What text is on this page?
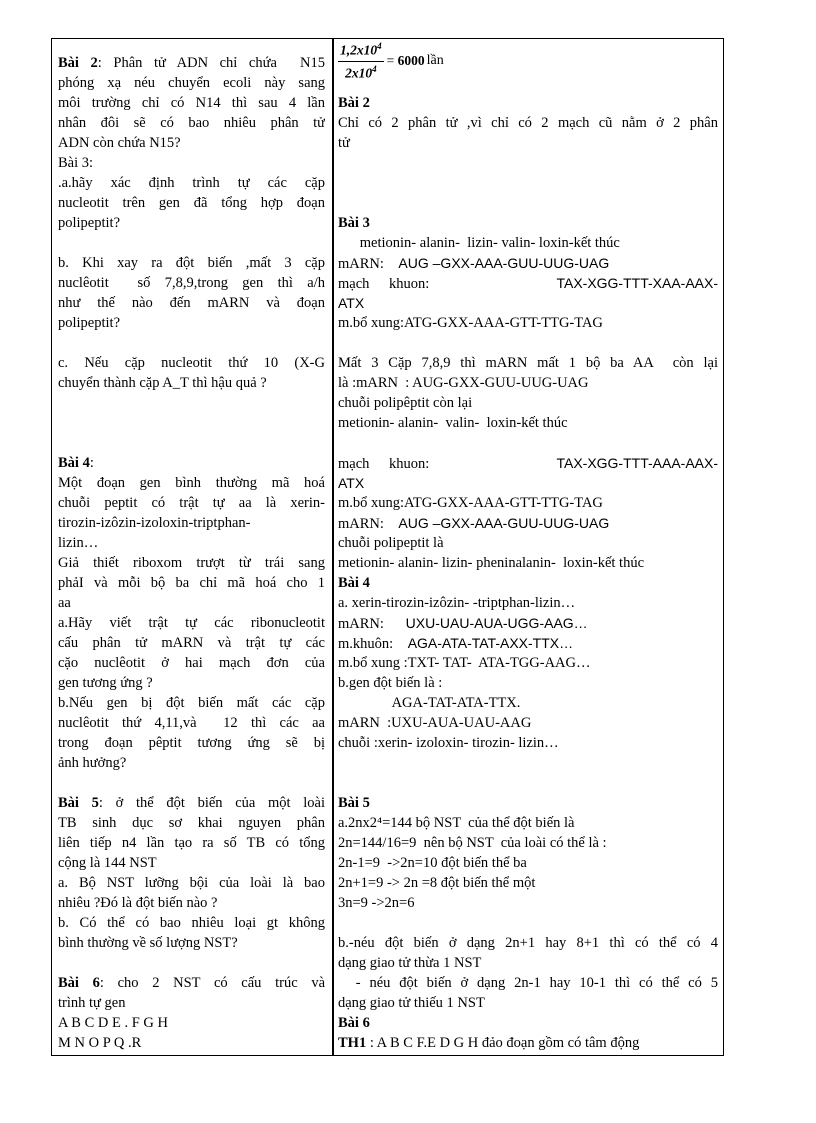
Bài 2: Phân tử ADN chỉ chứa  N15
phóng xạ néu chuyển ecoli này sang
môi trường chỉ có N14 thì sau 4 lần
nhân đôi sẽ có bao nhiêu phân tử
ADN còn chứa N15?
Bài 3:
.a.hãy xác định trình tự các cặp
nucleotit trên gen đã tổng hợp đoạn
polipeptit?
b. Khi xay ra đột biến ,mất 3 cặp
nuclêotit  số 7,8,9,trong gen thì a/h
như thế nào đến mARN và đoạn
polipeptit?
c. Nếu cặp nucleotit thứ 10 (X-G
chuyển thành cặp A_T thì hậu quả ?
Bài 4:
Một đoạn gen bình thường mã hoá
chuỗi peptit có trật tự aa là xerin-
tirozin-izôzin-izoloxin-triptphan-
lizin…
Giả thiết riboxom trượt từ trái sang
phảI và mỗi bộ ba chỉ mã hoá cho 1
aa
a.Hãy viết trật tự các ribonucleotit
cấu phân tử mARN và trật tự các
cặo nuclêotit ở hai mạch đơn của
gen tương ứng ?
b.Nếu gen bị đột biến mất các cặp
nuclêotit thứ 4,11,và  12 thì các aa
trong đoạn pêptit tương ứng sẽ bị
ảnh hưởng?
Bài 5: ở thể đột biến của một loài
TB sinh dục sơ khai nguyen phân
liên tiếp n4 lần tạo ra số TB có tổng
cộng là 144 NST
a. Bộ NST lưỡng bội của loài là bao
nhiêu ?Đó là đột biến nào ?
b. Có thể có bao nhiêu loại gt không
bình thường về số lượng NST?
Bài 6: cho 2 NST có cấu trúc và
trình tự gen
A B C D E . F G H
M N O P Q .R
$\frac{1,2x10^4}{2x10^4} = 6000$ lần
Bài 2
Chỉ có 2 phân tử ,vì chỉ có 2 mạch cũ nằm ở 2 phân
tử
Bài 3
metionin- alanin-  lizin- valin- loxin-kết thúc
mARN:    AUG –GXX-AAA-GUU-UUG-UAG
mạch  khuon:             TAX-XGG-TTT-XAA-AAX-
ATX
m.bổ xung:ATG-GXX-AAA-GTT-TTG-TAG
Mất 3 Cặp 7,8,9 thì mARN mất 1 bộ ba AA  còn lại
là :mARN  : AUG-GXX-GUU-UUG-UAG
chuỗi polipêptit còn lại
metionin- alanin-  valin-  loxin-kết thúc
mạch  khuon:             TAX-XGG-TTT-AAA-AAX-
ATX
m.bổ xung:ATG-GXX-AAA-GTT-TTG-TAG
mARN:    AUG –GXX-AAA-GUU-UUG-UAG
chuỗi polipeptit là
metionin- alanin- lizin- pheninalanin-  loxin-kết thúc
Bài 4
a. xerin-tirozin-izôzin- -triptphan-lizin…
mARN:      UXU-UAU-AUA-UGG-AAG…
m.khuôn:    AGA-ATA-TAT-AXX-TTX…
m.bổ xung :TXT- TAT-  ATA-TGG-AAG…
b.gen đột biến là :
AGA-TAT-ATA-TTX.
mARN  :UXU-AUA-UAU-AAG
chuỗi :xerin- izoloxin- tirozin- lizin…
Bài 5
a.2nx2⁴=144 bộ NST  của thể đột biến là
2n=144/16=9  nên bộ NST  của loài có thể là :
2n-1=9  ->2n=10 đột biến thể ba
2n+1=9 -> 2n =8 đột biến thể một
3n=9 ->2n=6
b.-néu đột biến ở dạng 2n+1 hay 8+1 thì có thể có 4
dạng giao tử thừa 1 NST
- néu đột biến ở dạng 2n-1 hay 10-1 thì có thể có 5
dạng giao tử thiếu 1 NST
Bài 6
TH1 : A B C F.E D G H đảo đoạn gồm có tâm động
